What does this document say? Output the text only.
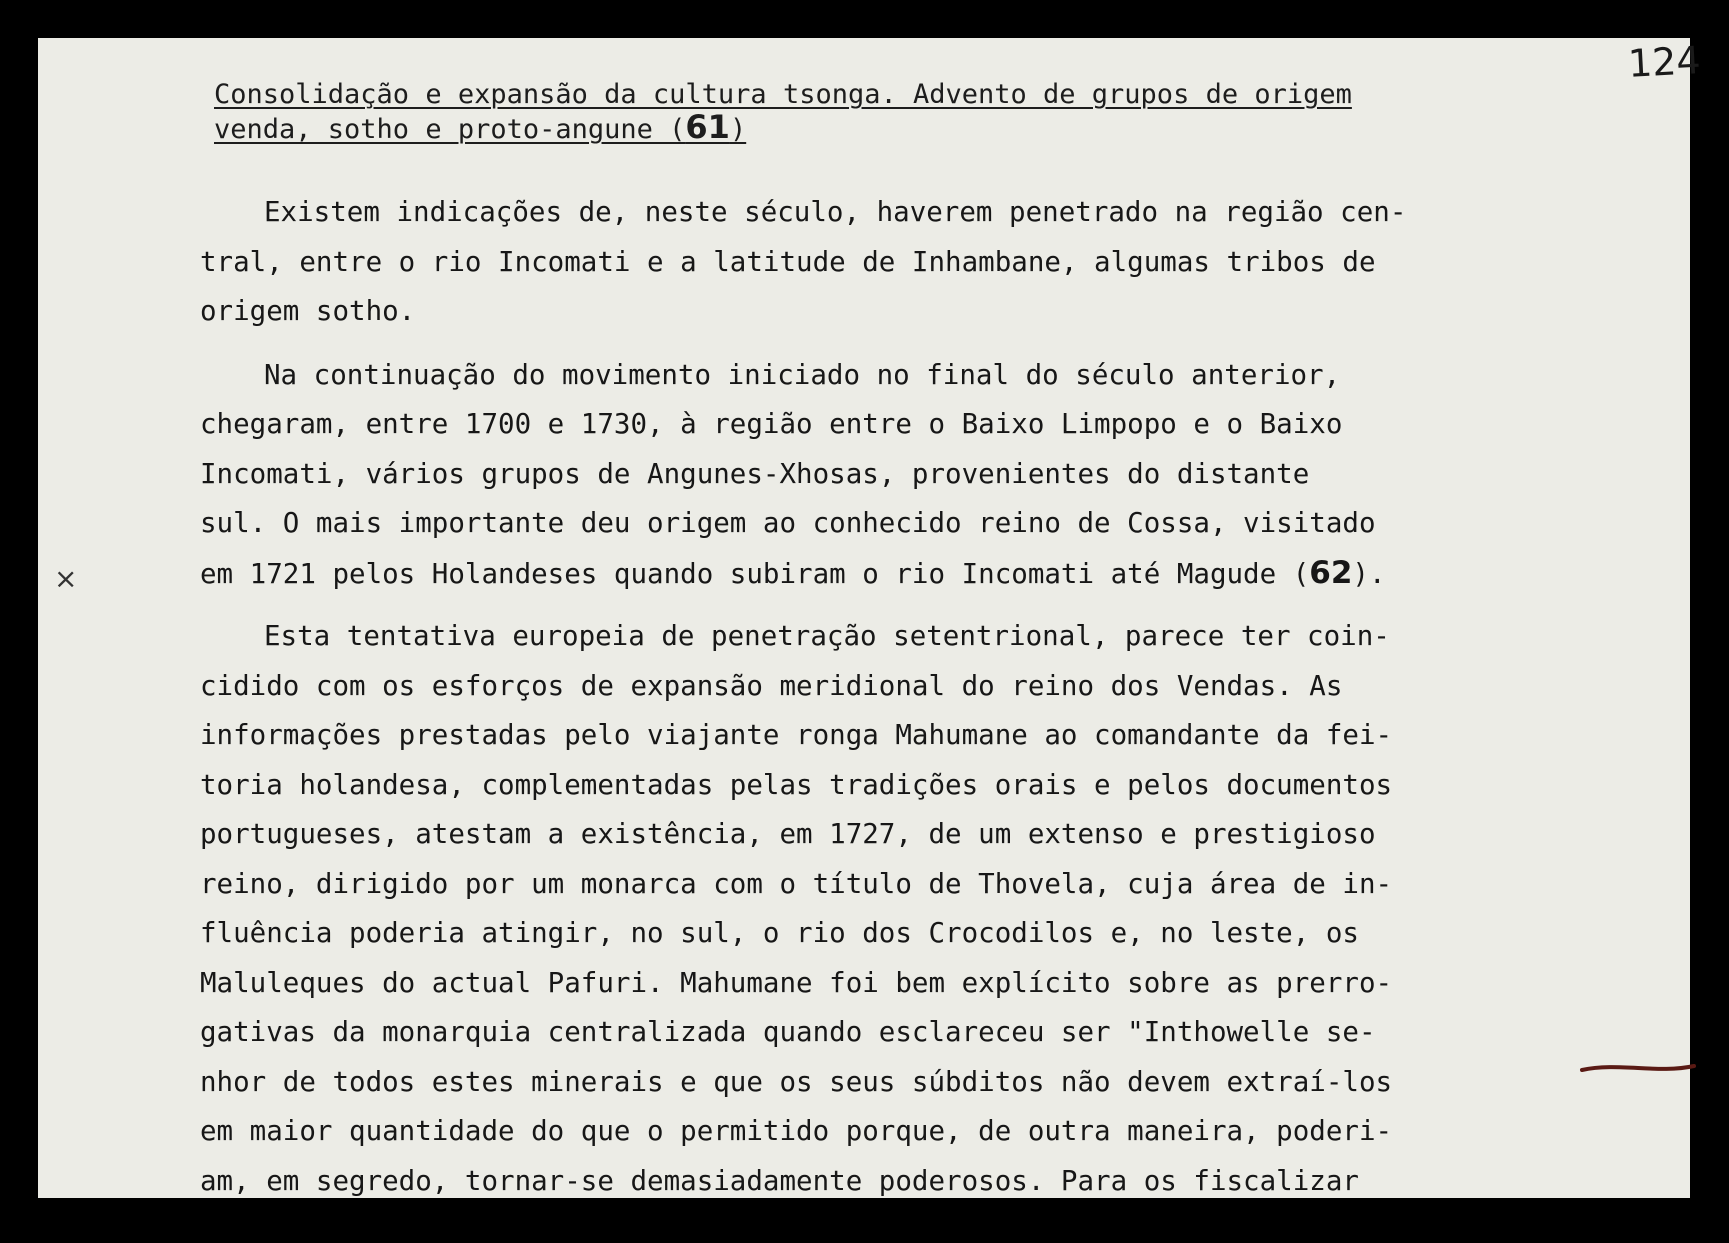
124
×
Consolidação e expansão da cultura tsonga. Advento de grupos de origem
venda, sotho e proto-angune (61)
Existem indicações de, neste século, haverem penetrado na região cen-
tral, entre o rio Incomati e a latitude de Inhambane, algumas tribos de
origem sotho.
Na continuação do movimento iniciado no final do século anterior,
chegaram, entre 1700 e 1730, à região entre o Baixo Limpopo e o Baixo
Incomati, vários grupos de Angunes-Xhosas, provenientes do distante
sul. O mais importante deu origem ao conhecido reino de Cossa, visitado
em 1721 pelos Holandeses quando subiram o rio Incomati até Magude (62).
Esta tentativa europeia de penetração setentrional, parece ter coin-
cidido com os esforços de expansão meridional do reino dos Vendas. As
informações prestadas pelo viajante ronga Mahumane ao comandante da fei-
toria holandesa, complementadas pelas tradições orais e pelos documentos
portugueses, atestam a existência, em 1727, de um extenso e prestigioso
reino, dirigido por um monarca com o título de Thovela, cuja área de in-
fluência poderia atingir, no sul, o rio dos Crocodilos e, no leste, os
Maluleques do actual Pafuri. Mahumane foi bem explícito sobre as prerro-
gativas da monarquia centralizada quando esclareceu ser "Inthowelle se-
nhor de todos estes minerais e que os seus súbditos não devem extraí-los
em maior quantidade do que o permitido porque, de outra maneira, poderi-
am, em segredo, tornar-se demasiadamente poderosos. Para os fiscalizar
